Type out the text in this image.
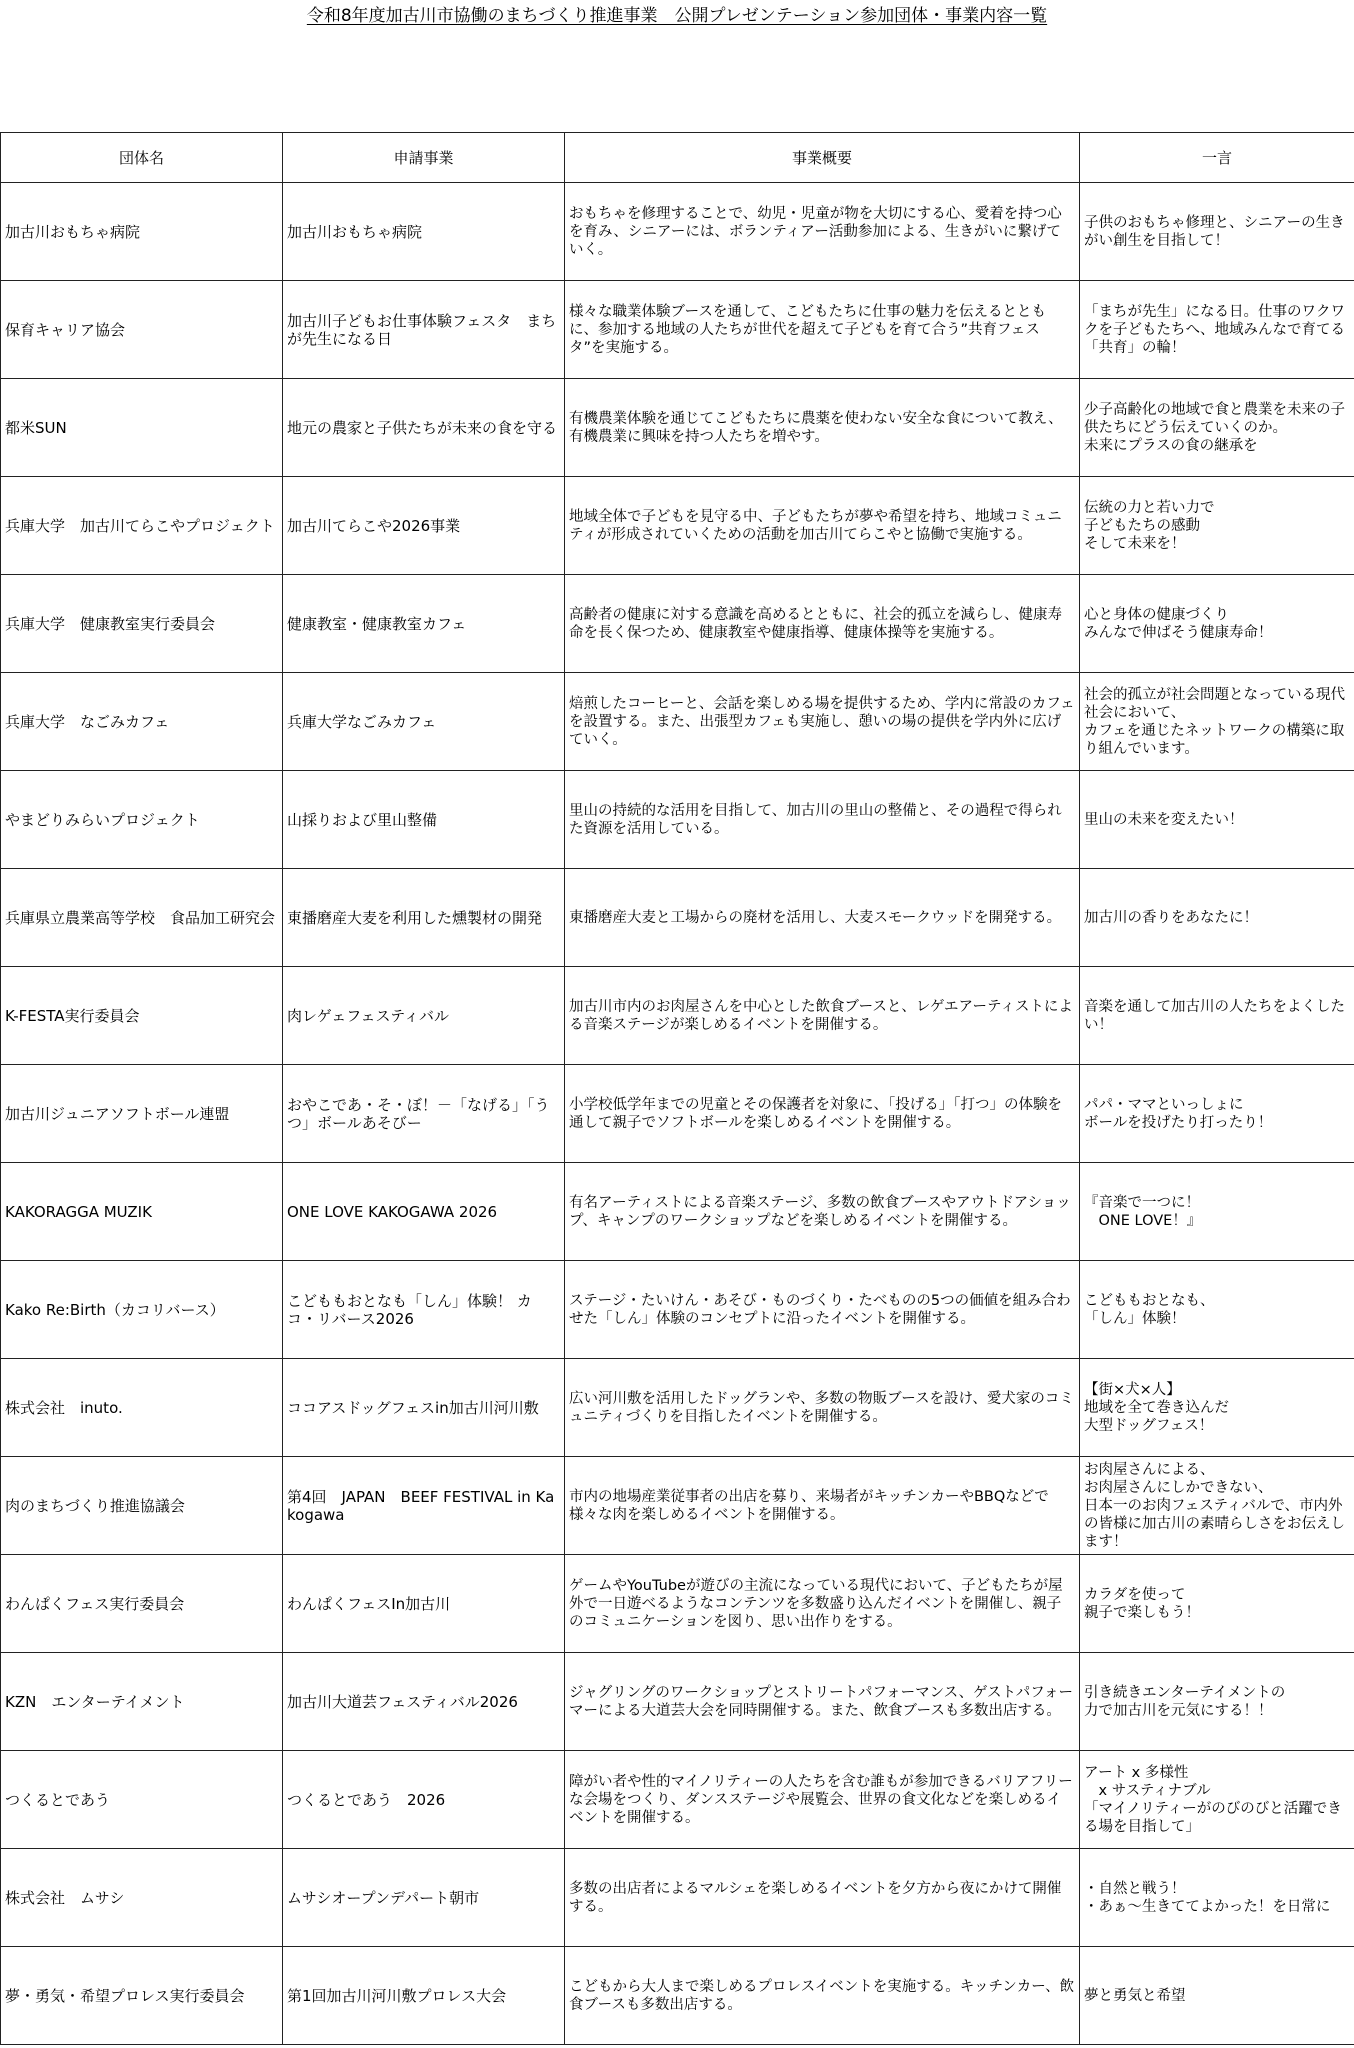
令和8年度加古川市協働のまちづくり推進事業　公開プレゼンテーション参加団体・事業内容一覧
団体名	申請事業	事業概要	一言

加古川おもちゃ病院	加古川おもちゃ病院	おもちゃを修理することで、幼児・児童が物を大切にする心、愛着を持つ心を育み、シニアーには、ボランティアー活動参加による、生きがいに繋げていく。	子供のおもちゃ修理と、シニアーの生きがい創生を目指して！

保育キャリア協会	加古川子どもお仕事体験フェスタ　まちが先生になる日	様々な職業体験ブースを通して、こどもたちに仕事の魅力を伝えるとともに、参加する地域の人たちが世代を超えて子どもを育て合う”共育フェスタ”を実施する。	「まちが先生」になる日。仕事のワクワクを子どもたちへ、地域みんなで育てる「共育」の輪！

都米SUN	地元の農家と子供たちが未来の食を守る	有機農業体験を通じてこどもたちに農薬を使わない安全な食について教え、有機農業に興味を持つ人たちを増やす。	少子高齢化の地域で食と農業を未来の子供たちにどう伝えていくのか。
未来にプラスの食の継承を

兵庫大学　加古川てらこやプロジェクト	加古川てらこや2026事業	地域全体で子どもを見守る中、子どもたちが夢や希望を持ち、地域コミュニティが形成されていくための活動を加古川てらこやと協働で実施する。	伝統の力と若い力で
子どもたちの感動
そして未来を！

兵庫大学　健康教室実行委員会	健康教室・健康教室カフェ	高齢者の健康に対する意識を高めるとともに、社会的孤立を減らし、健康寿命を長く保つため、健康教室や健康指導、健康体操等を実施する。	心と身体の健康づくり
みんなで伸ばそう健康寿命！

兵庫大学　なごみカフェ	兵庫大学なごみカフェ	焙煎したコーヒーと、会話を楽しめる場を提供するため、学内に常設のカフェを設置する。また、出張型カフェも実施し、憩いの場の提供を学内外に広げていく。	社会的孤立が社会問題となっている現代社会において、
カフェを通じたネットワークの構築に取り組んでいます。

やまどりみらいプロジェクト	山採りおよび里山整備	里山の持続的な活用を目指して、加古川の里山の整備と、その過程で得られた資源を活用している。	里山の未来を変えたい！

兵庫県立農業高等学校　食品加工研究会	東播磨産大麦を利用した燻製材の開発	東播磨産大麦と工場からの廃材を活用し、大麦スモークウッドを開発する。	加古川の香りをあなたに！

K-FESTA実行委員会	肉レゲェフェスティバル	加古川市内のお肉屋さんを中心とした飲食ブースと、レゲエアーティストによる音楽ステージが楽しめるイベントを開催する。	音楽を通して加古川の人たちをよくしたい！

加古川ジュニアソフトボール連盟	おやこであ・そ・ぼ！－「なげる」「うつ」ボールあそびー	小学校低学年までの児童とその保護者を対象に、「投げる」「打つ」の体験を通して親子でソフトボールを楽しめるイベントを開催する。	パパ・ママといっしょに
ボールを投げたり打ったり！

KAKORAGGA MUZIK	ONE LOVE KAKOGAWA 2026	有名アーティストによる音楽ステージ、多数の飲食ブースやアウトドアショップ、キャンプのワークショップなどを楽しめるイベントを開催する。	『音楽で一つに！
　ONE LOVE！』

Kako Re:Birth（カコリバース）	こどももおとなも「しん」体験！ カコ・リバース2026	ステージ・たいけん・あそび・ものづくり・たべものの5つの価値を組み合わせた「しん」体験のコンセプトに沿ったイベントを開催する。	こどももおとなも、
「しん」体験！

株式会社　inuto.	ココアスドッグフェスin加古川河川敷	広い河川敷を活用したドッグランや、多数の物販ブースを設け、愛犬家のコミュニティづくりを目指したイベントを開催する。	【街×犬×人】
地域を全て巻き込んだ
大型ドッグフェス！

肉のまちづくり推進協議会	第4回　JAPAN　BEEF FESTIVAL in Kakogawa	市内の地場産業従事者の出店を募り、来場者がキッチンカーやBBQなどで様々な肉を楽しめるイベントを開催する。	お肉屋さんによる、
お肉屋さんにしかできない、
日本一のお肉フェスティバルで、市内外の皆様に加古川の素晴らしさをお伝えします！

わんぱくフェス実行委員会	わんぱくフェスIn加古川	ゲームやYouTubeが遊びの主流になっている現代において、子どもたちが屋外で一日遊べるようなコンテンツを多数盛り込んだイベントを開催し、親子のコミュニケーションを図り、思い出作りをする。	カラダを使って
親子で楽しもう！

KZN　エンターテイメント	加古川大道芸フェスティバル2026	ジャグリングのワークショップとストリートパフォーマンス、ゲストパフォーマーによる大道芸大会を同時開催する。また、飲食ブースも多数出店する。	引き続きエンターテイメントの
力で加古川を元気にする！！

つくるとであう	つくるとであう　2026	障がい者や性的マイノリティーの人たちを含む誰もが参加できるバリアフリーな会場をつくり、ダンスステージや展覧会、世界の食文化などを楽しめるイベントを開催する。	アート x 多様性
　x サスティナブル
「マイノリティーがのびのびと活躍できる場を目指して」

株式会社　ムサシ	ムサシオープンデパート朝市	多数の出店者によるマルシェを楽しめるイベントを夕方から夜にかけて開催する。	・自然と戦う！
・あぁ～生きててよかった！を日常に

夢・勇気・希望プロレス実行委員会	第1回加古川河川敷プロレス大会	こどもから大人まで楽しめるプロレスイベントを実施する。キッチンカー、飲食ブースも多数出店する。	夢と勇気と希望
